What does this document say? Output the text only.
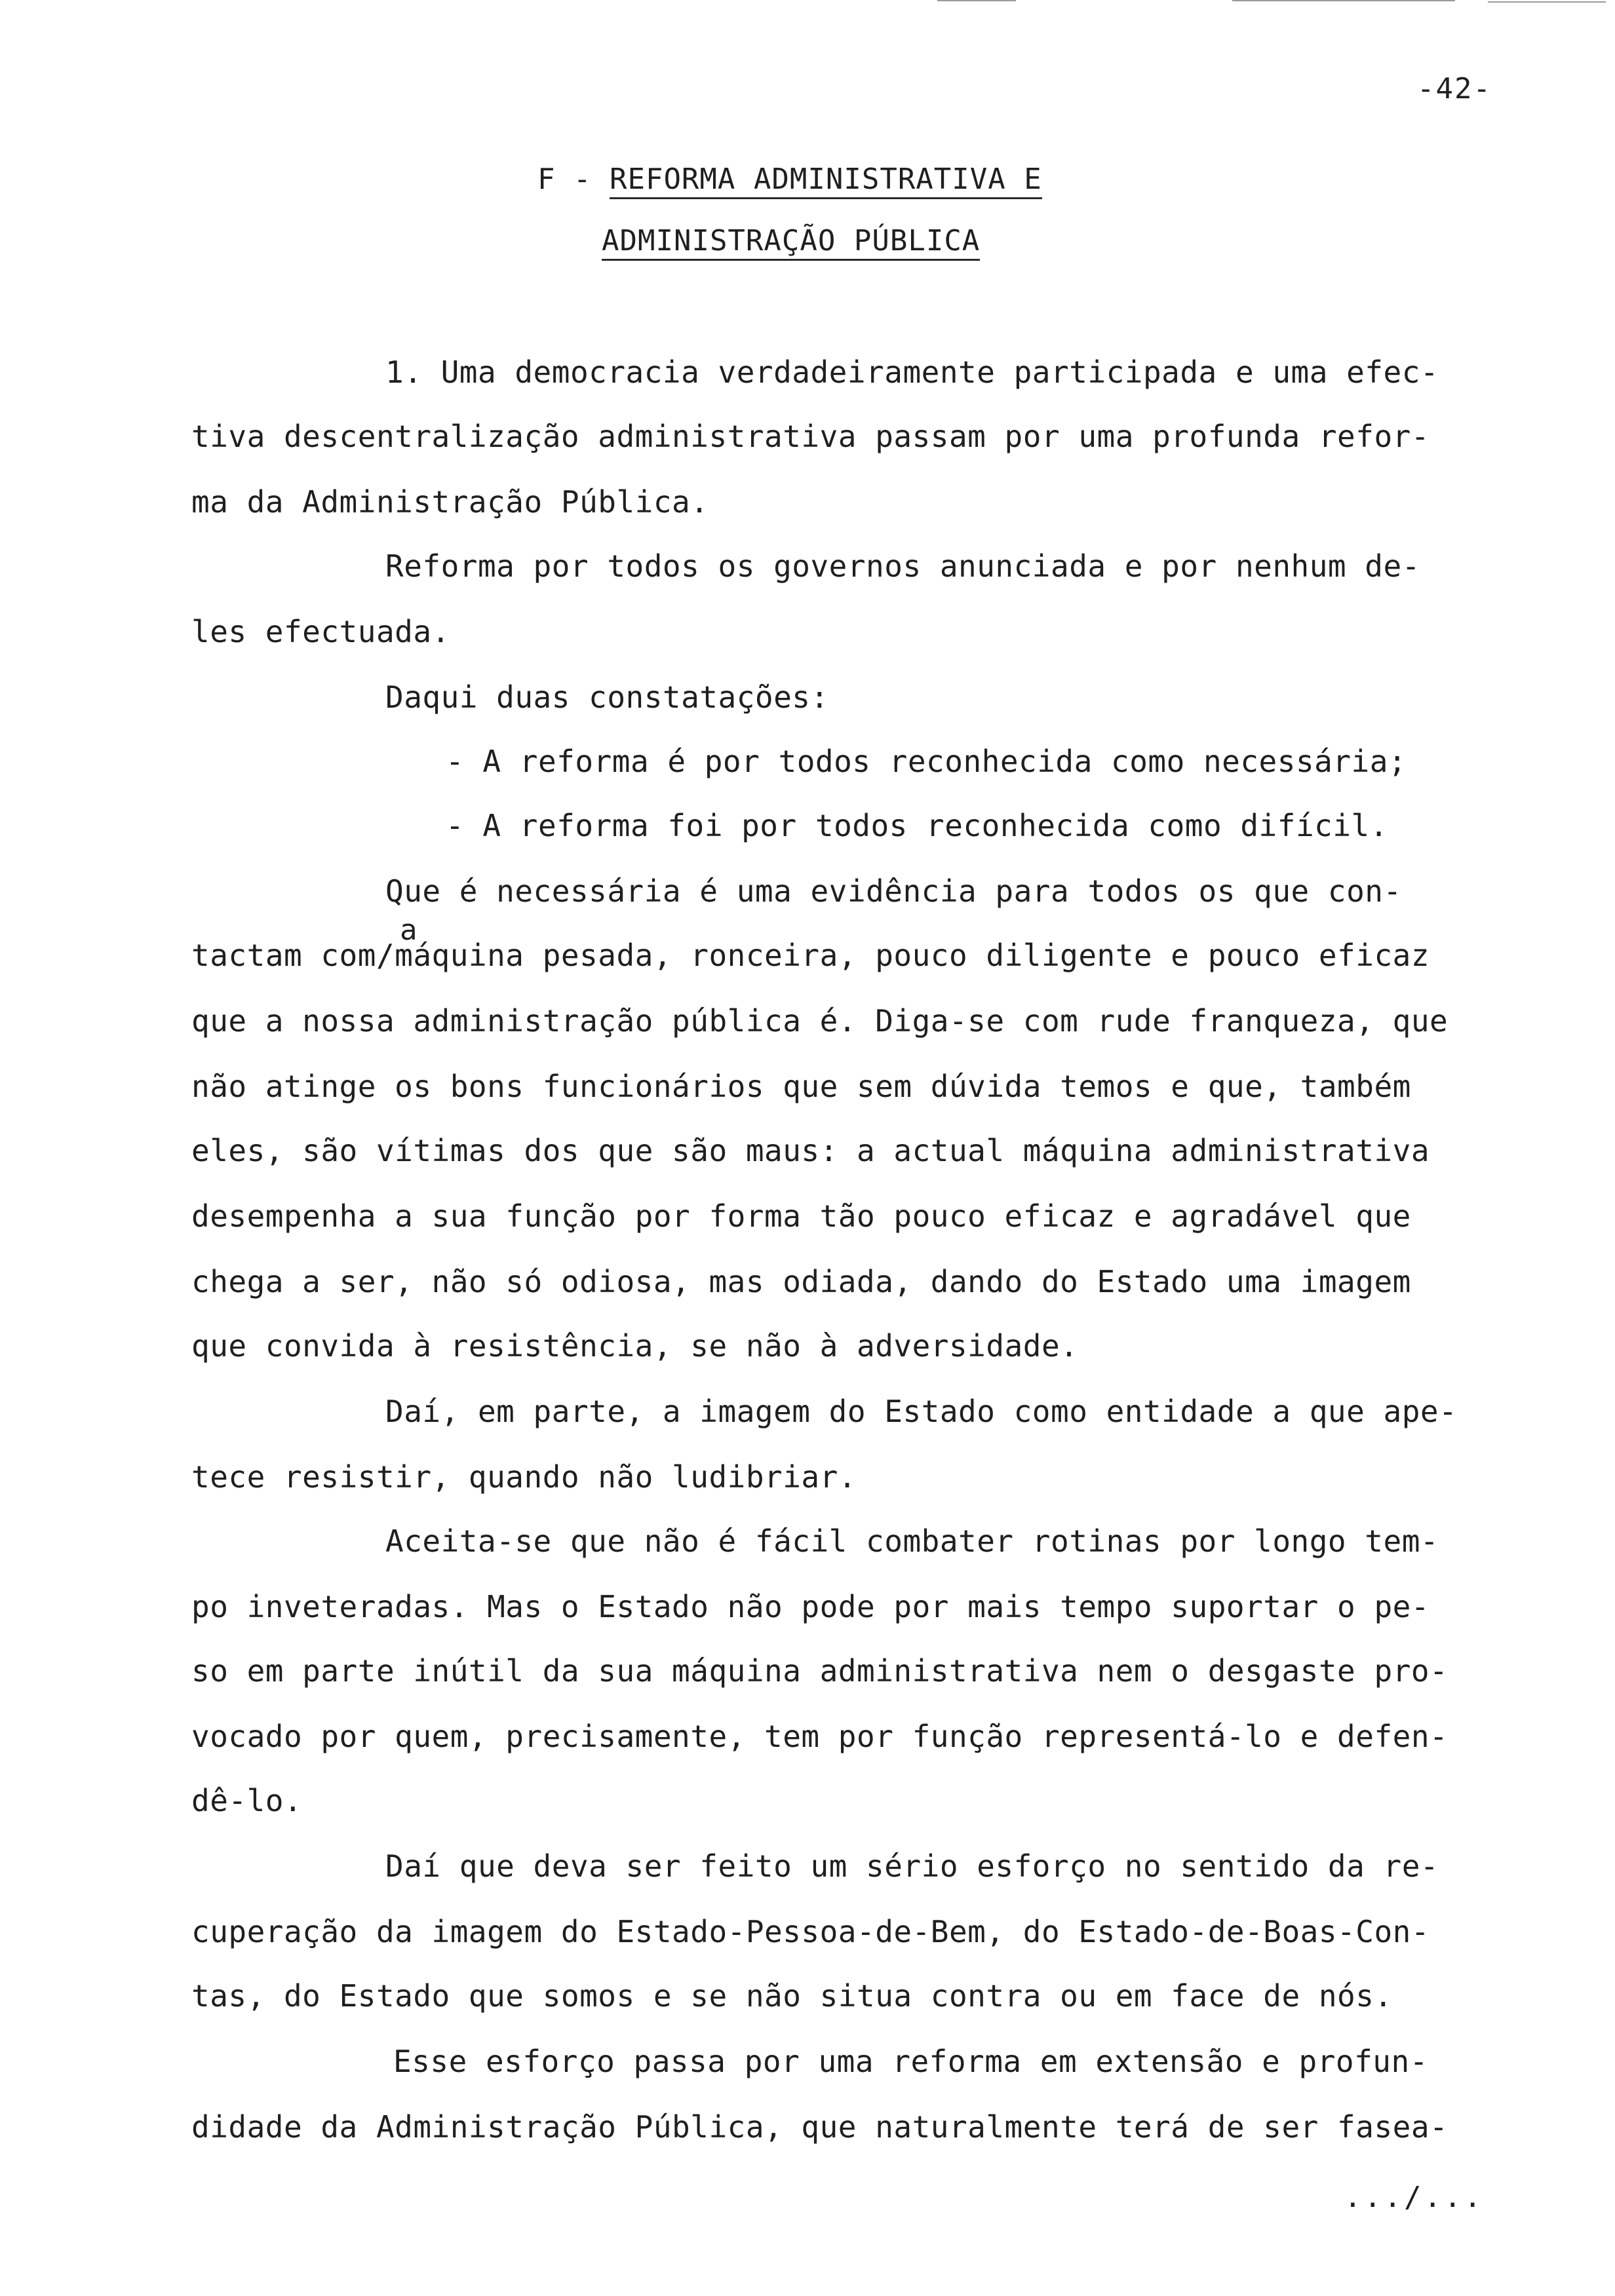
-42-
F - REFORMA ADMINISTRATIVA E
ADMINISTRAÇÃO PÚBLICA
1. Uma democracia verdadeiramente participada e uma efec-
tiva descentralização administrativa passam por uma profunda refor-
ma da Administração Pública.
Reforma por todos os governos anunciada e por nenhum de-
les efectuada.
Daqui duas constatações:
- A reforma é por todos reconhecida como necessária;
- A reforma foi por todos reconhecida como difícil.
Que é necessária é uma evidência para todos os que con-
a
tactam com/máquina pesada, ronceira, pouco diligente e pouco eficaz
que a nossa administração pública é. Diga-se com rude franqueza, que
não atinge os bons funcionários que sem dúvida temos e que, também
eles, são vítimas dos que são maus: a actual máquina administrativa
desempenha a sua função por forma tão pouco eficaz e agradável que
chega a ser, não só odiosa, mas odiada, dando do Estado uma imagem
que convida à resistência, se não à adversidade.
Daí, em parte, a imagem do Estado como entidade a que ape-
tece resistir, quando não ludibriar.
Aceita-se que não é fácil combater rotinas por longo tem-
po inveteradas. Mas o Estado não pode por mais tempo suportar o pe-
so em parte inútil da sua máquina administrativa nem o desgaste pro-
vocado por quem, precisamente, tem por função representá-lo e defen-
dê-lo.
Daí que deva ser feito um sério esforço no sentido da re-
cuperação da imagem do Estado-Pessoa-de-Bem, do Estado-de-Boas-Con-
tas, do Estado que somos e se não situa contra ou em face de nós.
Esse esforço passa por uma reforma em extensão e profun-
didade da Administração Pública, que naturalmente terá de ser fasea-
.../...
